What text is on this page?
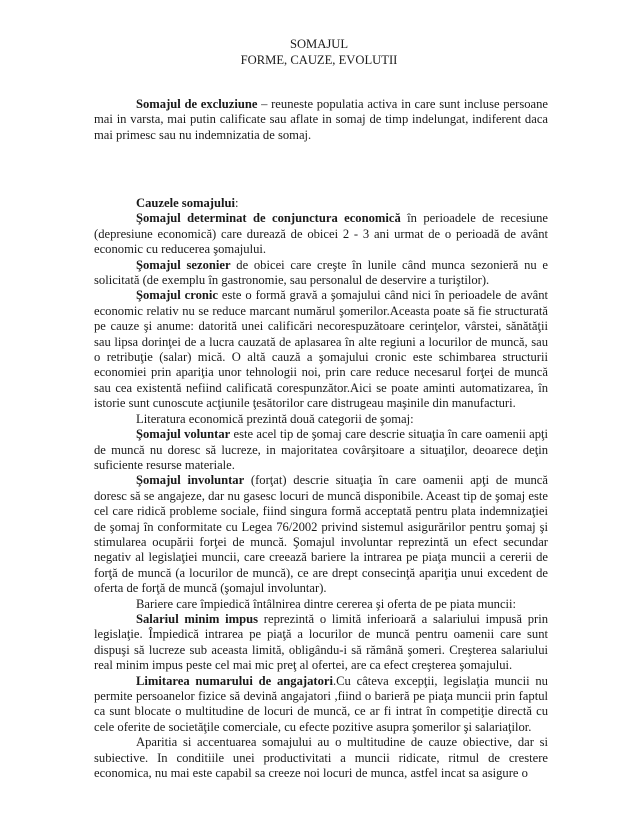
SOMAJUL
FORME, CAUZE, EVOLUTII

Somajul de excluziune – reuneste populatia activa in care sunt incluse persoane mai in varsta, mai putin calificate sau aflate in somaj de timp indelungat, indiferent daca mai primesc sau nu indemnizatia de somaj.

Cauzele somajului:

Şomajul determinat de conjunctura economică în perioadele de recesiune (depresiune economică) care durează de obicei 2 - 3 ani urmat de o perioadă de avânt economic cu reducerea şomajului.

Şomajul sezonier de obicei care creşte în lunile când munca sezonieră nu e solicitată (de exemplu în gastronomie, sau personalul de deservire a turiştilor).

Şomajul cronic este o formă gravă a şomajului când nici în perioadele de avânt economic relativ nu se reduce marcant numărul şomerilor.Aceasta poate să fie structurată pe cauze şi anume: datorită unei calificări necorespuzătoare cerinţelor, vârstei, sănătăţii sau lipsa dorinţei de a lucra cauzată de aplasarea în alte regiuni a locurilor de muncă, sau o retribuţie (salar) mică. O altă cauză a şomajului cronic este schimbarea structurii economiei prin apariţia unor tehnologii noi, prin care reduce necesarul forţei de muncă sau cea existentă nefiind calificată corespunzător.Aici se poate aminti automatizarea, în istorie sunt cunoscute acţiunile ţesătorilor care distrugeau maşinile din manufacturi.

Literatura economică prezintă două categorii de şomaj:

Şomajul voluntar este acel tip de şomaj care descrie situaţia în care oamenii apţi de muncă nu doresc să lucreze, in majoritatea covârşitoare a situaţilor, deoarece deţin suficiente resurse materiale.

Şomajul involuntar (forţat) descrie situaţia în care oamenii apţi de muncă doresc să se angajeze, dar nu gasesc locuri de muncă disponibile. Aceast tip de şomaj este cel care ridică probleme sociale, fiind singura formă acceptată pentru plata indemnizaţiei de şomaj în conformitate cu Legea 76/2002 privind sistemul asigurărilor pentru şomaj şi stimularea ocupării forţei de muncă. Şomajul involuntar reprezintă un efect secundar negativ al legislaţiei muncii, care creează bariere la intrarea pe piaţa muncii a cererii de forţă de muncă (a locurilor de muncă), ce are drept consecinţă apariţia unui excedent de oferta de forţă de muncă (şomajul involuntar).

Bariere care împiedică întâlnirea dintre cererea şi oferta de pe piata muncii:

Salariul minim impus reprezintă o limită inferioară a salariului impusă prin legislaţie. Împiedică intrarea pe piaţă a locurilor de muncă pentru oamenii care sunt dispuşi să lucreze sub aceasta limită, obligându-i să rămână şomeri. Creşterea salariului real minim impus peste cel mai mic preţ al ofertei, are ca efect creşterea şomajului.

Limitarea numarului de angajatori.Cu câteva excepţii, legislaţia muncii nu permite persoanelor fizice să devină angajatori ,fiind o barieră pe piaţa muncii prin faptul ca sunt blocate o multitudine de locuri de muncă, ce ar fi intrat în competiţie directă cu cele oferite de societăţile comerciale, cu efecte pozitive asupra şomerilor şi salariaţilor.

Aparitia si accentuarea somajului au o multitudine de cauze obiective, dar si subiective. In conditiile unei productivitati a muncii ridicate, ritmul de crestere economica, nu mai este capabil sa creeze noi locuri de munca, astfel incat sa asigure o
